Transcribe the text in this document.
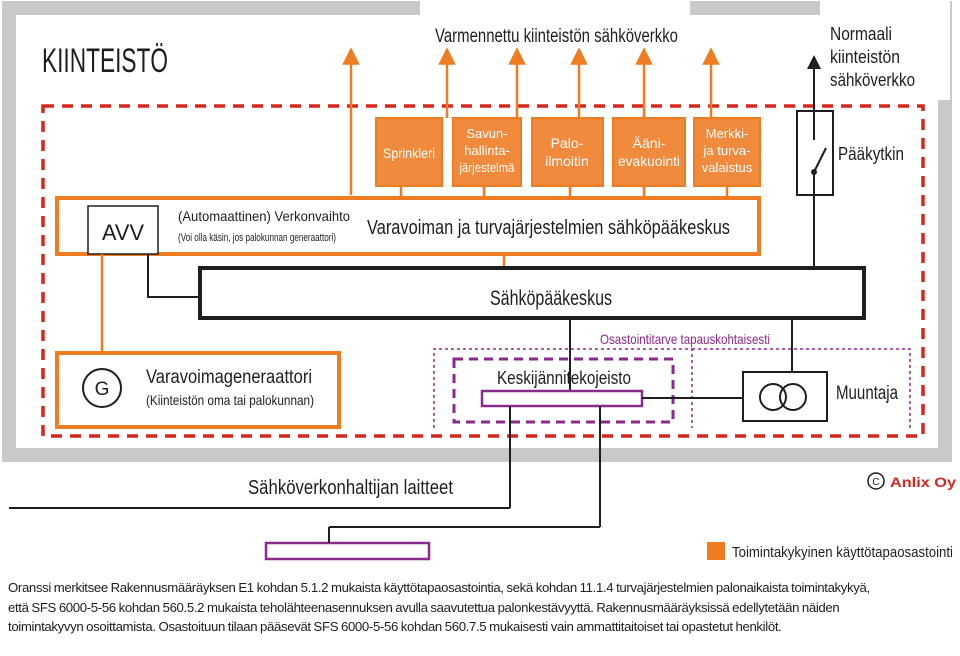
KIINTEISTÖ
Varmennettu kiinteistön sähköverkko	Normaali
kiinteistön
sähköverkko
Sprinkleri
Savun-
hallinta-
järjestelmä
Palo-
ilmoitin
Ääni-
evakuointi
Merkki-
ja turva-
valaistus
Pääkytkin
AVV
(Automaattinen) Verkonvaihto
(Voi olla käsin, jos palokunnan generaattori) Varavoiman ja turvajärjestelmien sähköpääkeskus
Sähköpääkeskus
Osastointitarve tapauskohtaisesti
G
Varavoimageneraattori
(Kiinteistön oma tai palokunnan)
Keskijännitekojeisto
Muuntaja
Sähköverkonhaltijan laitteet	C Anlix Oy
Toimintakykyinen käyttötapaosastointi
Oranssi merkitsee Rakennusmääräyksen E1 kohdan 5.1.2 mukaista käyttötapaosastointia, sekä kohdan 11.1.4 turvajärjestelmien palonaikaista toimintakykyä,
että SFS 6000-5-56 kohdan 560.5.2 mukaista teholähteenasennuksen avulla saavutettua palonkestävyyttä. Rakennusmääräyksissä edellytetään näiden
toimintakyvyn osoittamista. Osastoituun tilaan pääsevät SFS 6000-5-56 kohdan 560.7.5 mukaisesti vain ammattitaitoiset tai opastetut henkilöt.
